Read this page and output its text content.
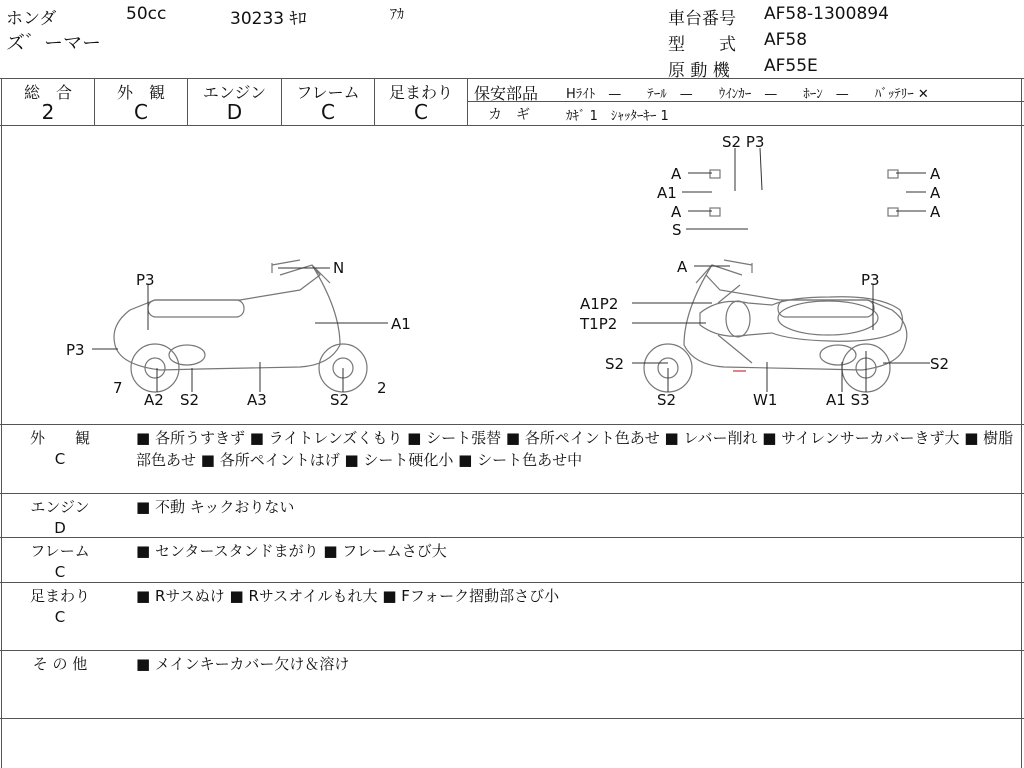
ホンダ	50cc	30233 ｷﾛ	ｱｶ
ズ゛ーマー
車台番号 AF58-1300894
型　　式 AF58
原 動 機 AF55E
総　合
2
外　観
C
エンジン
D
フレーム
C
足まわり
C
保安部品 Hﾗｲﾄ　—　　ﾃｰﾙ　—　　ｳｲﾝｶｰ　—　　ﾎｰﾝ　—　　ﾊﾞｯﾃﾘｰ ✕
カ　ギ	ｶｷﾞ 1　ｼｬｯﾀｰｷｰ 1
S2 P3
A
A1
A
S
A
A
A
N
P3
A1
P3
7
A2 S2	A3	S2
2
A
P3
A1P2
T1P2
S2	S2
S2	W1	A1 S3
外　　観
C
■ 各所うすきず ■ ライトレンズくもり ■ シート張替 ■ 各所ペイント色あせ ■ レバー削れ ■ サイレンサーカバーきず大 ■ 樹脂部色あせ ■ 各所ペイントはげ ■ シート硬化小 ■ シート色あせ中
エンジン
D
■ 不動 キックおりない
フレーム
C
■ センタースタンドまがり ■ フレームさび大
足まわり
C
■ Rサスぬけ ■ Rサスオイルもれ大 ■ Fフォーク摺動部さび小
そ の 他	■ メインキーカバー欠け＆溶け
